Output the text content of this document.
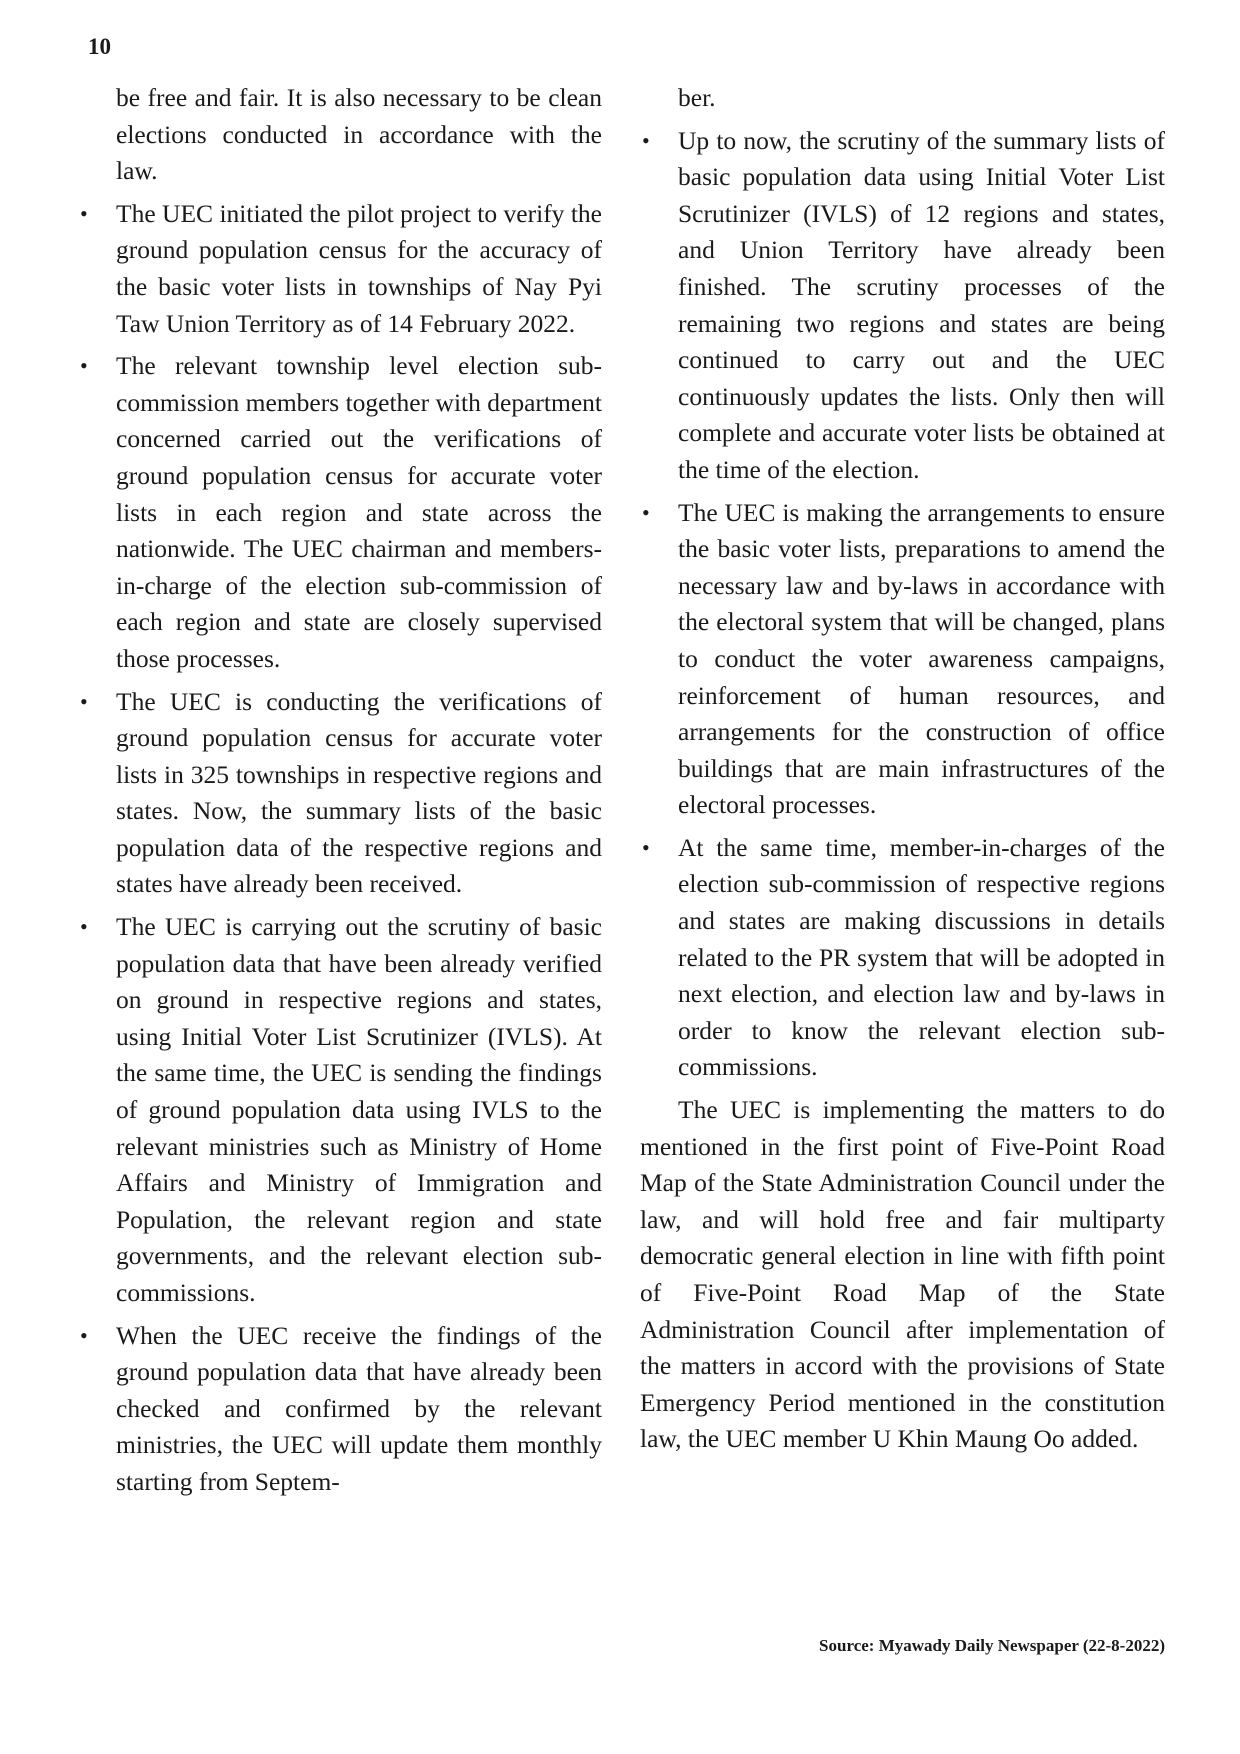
10

be free and fair. It is also necessary to be clean elections conducted in accordance with the law.

•	The UEC initiated the pilot project to verify the ground population census for the accuracy of the basic voter lists in townships of Nay Pyi Taw Union Territory as of 14 February 2022.
•	The relevant township level election sub-commission members together with department concerned carried out the verifications of ground population census for accurate voter lists in each region and state across the nationwide. The UEC chairman and members-in-charge of the election sub-commission of each region and state are closely supervised those processes.
•	The UEC is conducting the verifications of ground population census for accurate voter lists in 325 townships in respective regions and states. Now, the summary lists of the basic population data of the respective regions and states have already been received.
•	The UEC is carrying out the scrutiny of basic population data that have been already verified on ground in respective regions and states, using Initial Voter List Scrutinizer (IVLS). At the same time, the UEC is sending the findings of ground population data using IVLS to the relevant ministries such as Ministry of Home Affairs and Ministry of Immigration and Population, the relevant region and state governments, and the relevant election sub-commissions.
•	When the UEC receive the findings of the ground population data that have already been checked and confirmed by the relevant ministries, the UEC will update them monthly starting from Septem-

ber.

•	Up to now, the scrutiny of the summary lists of basic population data using Initial Voter List Scrutinizer (IVLS) of 12 regions and states, and Union Territory have already been finished. The scrutiny processes of the remaining two regions and states are being continued to carry out and the UEC continuously updates the lists. Only then will complete and accurate voter lists be obtained at the time of the election.
•	The UEC is making the arrangements to ensure the basic voter lists, preparations to amend the necessary law and by-laws in accordance with the electoral system that will be changed, plans to conduct the voter awareness campaigns, reinforcement of human resources, and arrangements for the construction of office buildings that are main infrastructures of the electoral processes.
•	At the same time, member-in-charges of the election sub-commission of respective regions and states are making discussions in details related to the PR system that will be adopted in next election, and election law and by-laws in order to know the relevant election sub-commissions.

The UEC is implementing the matters to do mentioned in the first point of Five-Point Road Map of the State Administration Council under the law, and will hold free and fair multiparty democratic general election in line with fifth point of Five-Point Road Map of the State Administration Council after implementation of the matters in accord with the provisions of State Emergency Period mentioned in the constitution law, the UEC member U Khin Maung Oo added.

Source: Myawady Daily Newspaper (22-8-2022)
